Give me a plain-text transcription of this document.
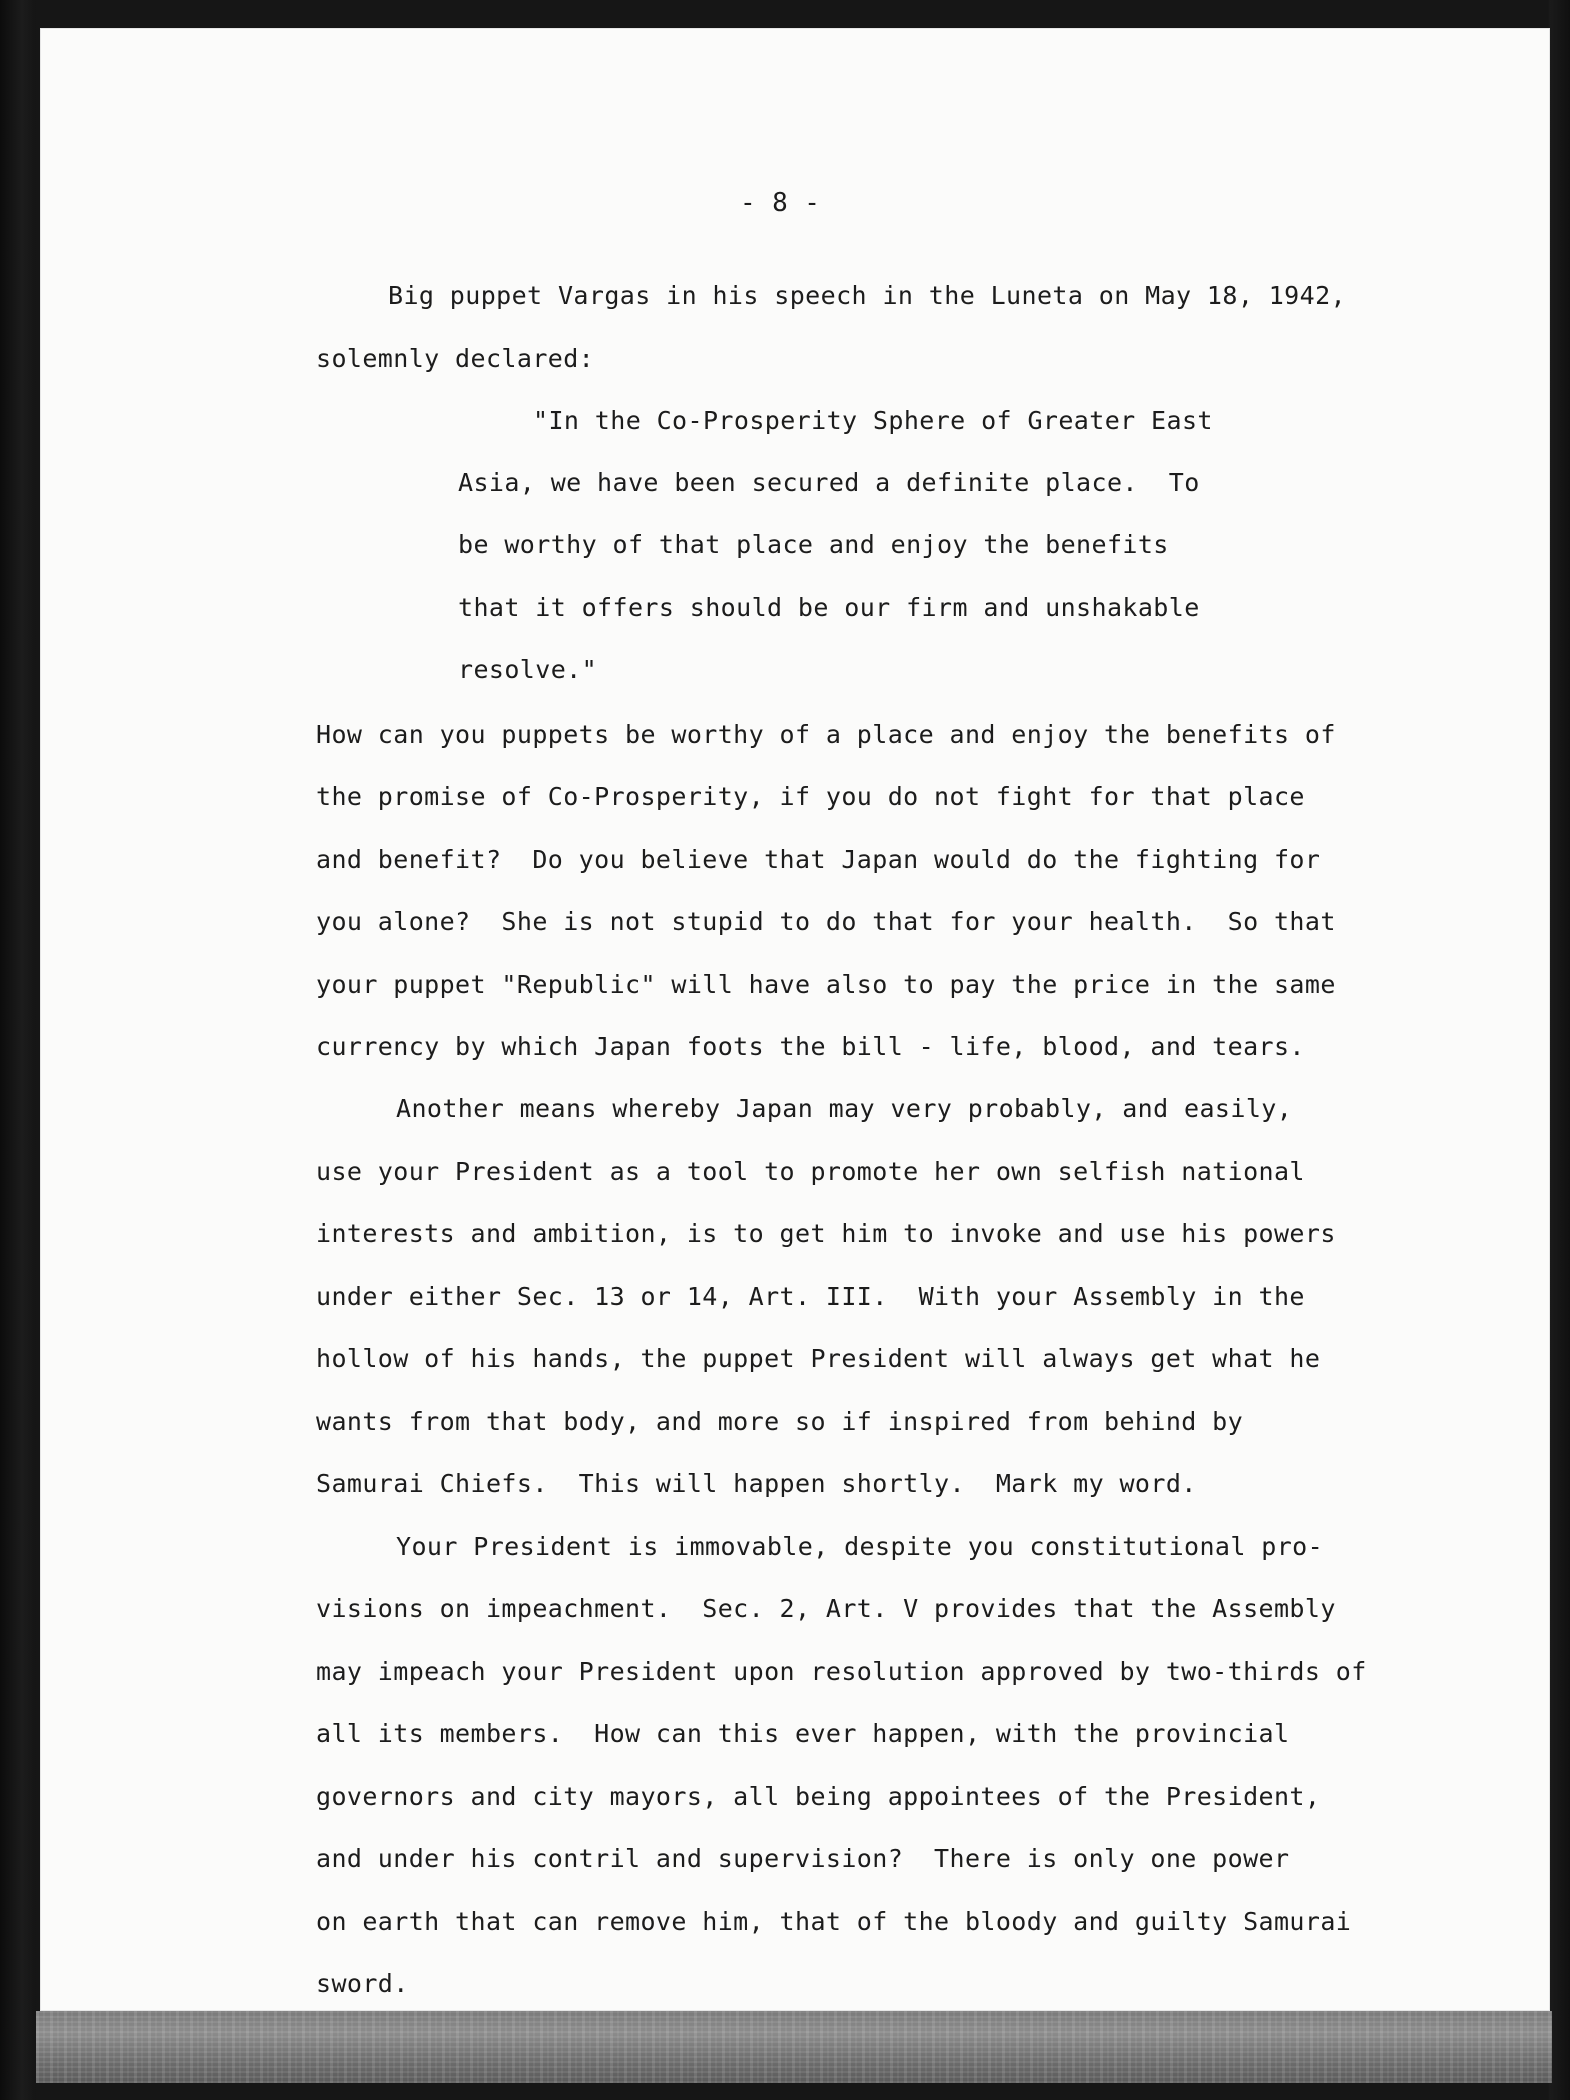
- 8 -
Big puppet Vargas in his speech in the Luneta on May 18, 1942,
solemnly declared:
"In the Co-Prosperity Sphere of Greater East
Asia, we have been secured a definite place.  To
be worthy of that place and enjoy the benefits
that it offers should be our firm and unshakable
resolve."
How can you puppets be worthy of a place and enjoy the benefits of
the promise of Co-Prosperity, if you do not fight for that place
and benefit?  Do you believe that Japan would do the fighting for
you alone?  She is not stupid to do that for your health.  So that
your puppet "Republic" will have also to pay the price in the same
currency by which Japan foots the bill - life, blood, and tears.
Another means whereby Japan may very probably, and easily,
use your President as a tool to promote her own selfish national
interests and ambition, is to get him to invoke and use his powers
under either Sec. 13 or 14, Art. III.  With your Assembly in the
hollow of his hands, the puppet President will always get what he
wants from that body, and more so if inspired from behind by
Samurai Chiefs.  This will happen shortly.  Mark my word.
Your President is immovable, despite you constitutional pro-
visions on impeachment.  Sec. 2, Art. V provides that the Assembly
may impeach your President upon resolution approved by two-thirds of
all its members.  How can this ever happen, with the provincial
governors and city mayors, all being appointees of the President,
and under his contril and supervision?  There is only one power
on earth that can remove him, that of the bloody and guilty Samurai
sword.
